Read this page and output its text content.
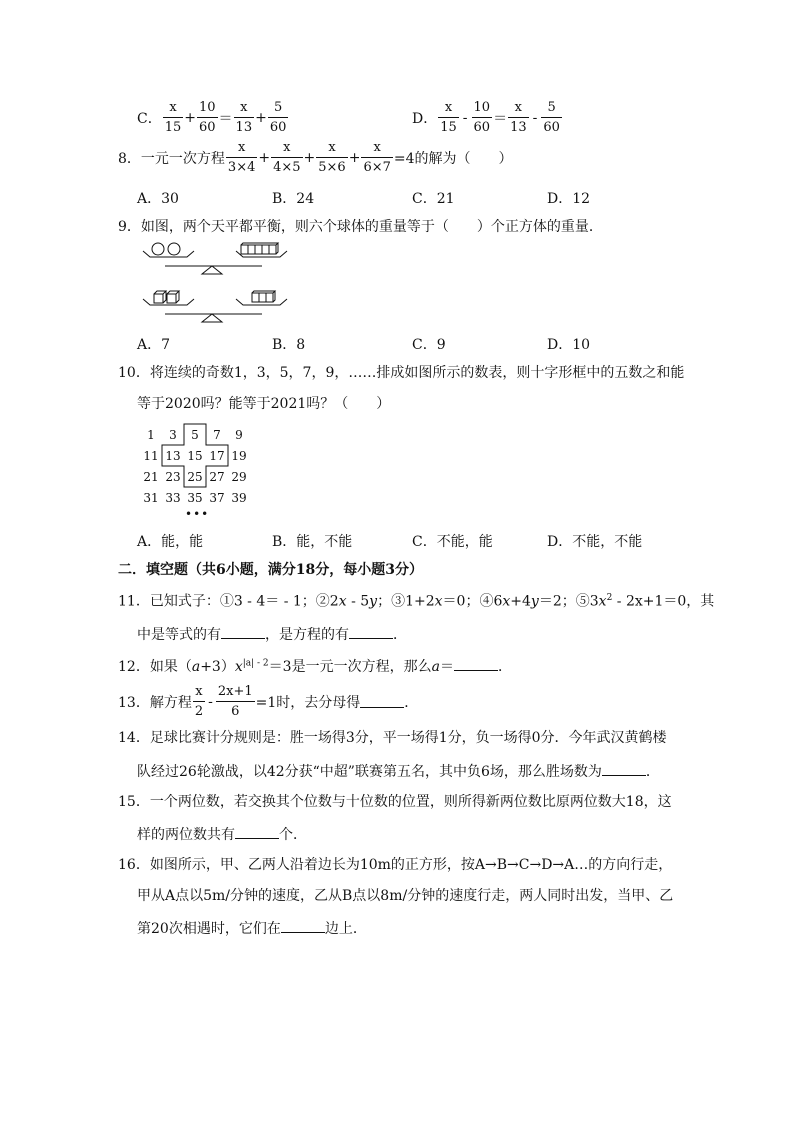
C． $\frac{x}{15} + \frac{10}{60} = \frac{x}{13} + \frac{5}{60}$	D． $\frac{x}{15} - \frac{10}{60} = \frac{x}{13} - \frac{5}{60}$
8． 一元一次方程 $\frac{x}{3\times 4} + \frac{x}{4\times 5} + \frac{x}{5\times 6} + \frac{x}{6\times 7} =4$的解为（　　）
A．30	B．24	C．21	D．12
9．如图，两个天平都平衡，则六个球体的重量等于（　　）个正方体的重量．
A．7	B．8	C．9	D．10
10．将连续的奇数1，3，5，7，9，……排成如图所示的数表，则十字形框中的五数之和能
等于2020吗？能等于2021吗？（　　）
1	3	5	7	9
11 13 15 17 19
21 23 25 27 29
31 33 35 37 39
•••
A．能，能	B．能，不能	C．不能，能	D．不能，不能
二．填空题（共6小题，满分18分，每小题3分）
11．已知式子：①3 - 4＝ - 1；②2x - 5y；③1+2x＝0；④6x+4y＝2；$⑤3x^2 - 2x+1=0$，其
中是等式的有	，是方程的有	．
12．如果$(a+3)x^{|a| - 2}=3$是一元一次方程，那么a＝	．
13．解方程 $\frac{x}{2} - \frac{2x+1}{6} =1$时，去分母得	．
14．足球比赛计分规则是：胜一场得3分，平一场得1分，负一场得0分．今年武汉黄鹤楼
队经过26轮激战，以42分获“中超”联赛第五名，其中负6场，那么胜场数为	．
15．一个两位数，若交换其个位数与十位数的位置，则所得新两位数比原两位数大18，这
样的两位数共有	个．
16．如图所示，甲、乙两人沿着边长为10m的正方形，按A→B→C→D→A…的方向行走，
甲从A点以5m/分钟的速度，乙从B点以8m/分钟的速度行走，两人同时出发，当甲、乙
第20次相遇时，它们在	边上．
